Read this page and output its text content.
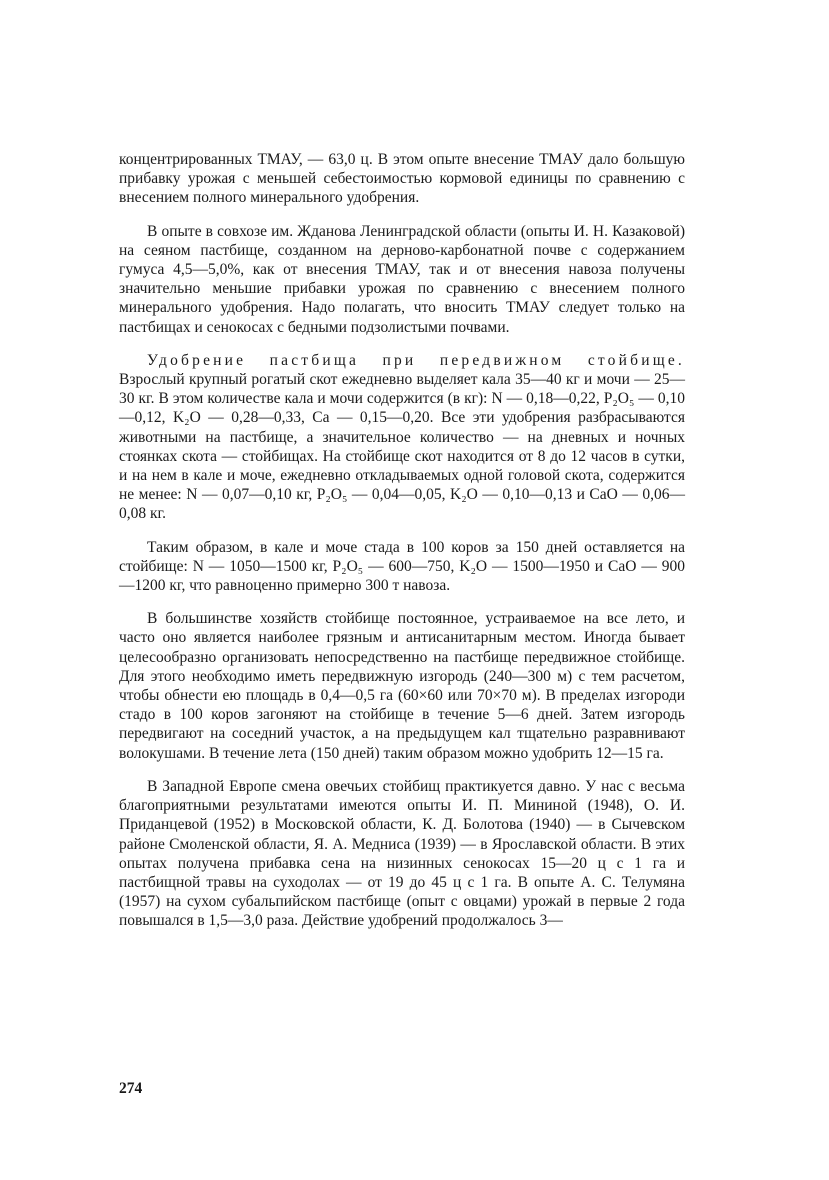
концентрированных ТМАУ, — 63,0 ц. В этом опыте внесение ТМАУ дало большую прибавку урожая с меньшей себестоимостью кормовой единицы по сравнению с внесением полного минерального удобрения.

В опыте в совхозе им. Жданова Ленинградской области (опыты И. Н. Казаковой) на сеяном пастбище, созданном на дерново-карбонатной почве с содержанием гумуса 4,5—5,0%, как от внесения ТМАУ, так и от внесения навоза получены значительно меньшие прибавки урожая по сравнению с внесением полного минерального удобрения. Надо полагать, что вносить ТМАУ следует только на пастбищах и сенокосах с бедными подзолистыми почвами.

Удобрение пастбища при передвижном стойбище. Взрослый крупный рогатый скот ежедневно выделяет кала 35—40 кг и мочи — 25—30 кг. В этом количестве кала и мочи содержится (в кг): N — 0,18—0,22, P₂O₅ — 0,10—0,12, K₂O — 0,28—0,33, Ca — 0,15—0,20. Все эти удобрения разбрасываются животными на пастбище, а значительное количество — на дневных и ночных стоянках скота — стойбищах. На стойбище скот находится от 8 до 12 часов в сутки, и на нем в кале и моче, ежедневно откладываемых одной головой скота, содержится не менее: N — 0,07—0,10 кг, P₂O₅ — 0,04—0,05, K₂O — 0,10—0,13 и CaO — 0,06—0,08 кг.

Таким образом, в кале и моче стада в 100 коров за 150 дней оставляется на стойбище: N — 1050—1500 кг, P₂O₅ — 600—750, K₂O — 1500—1950 и CaO — 900—1200 кг, что равноценно примерно 300 т навоза.

В большинстве хозяйств стойбище постоянное, устраиваемое на все лето, и часто оно является наиболее грязным и антисанитарным местом. Иногда бывает целесообразно организовать непосредственно на пастбище передвижное стойбище. Для этого необходимо иметь передвижную изгородь (240—300 м) с тем расчетом, чтобы обнести ею площадь в 0,4—0,5 га (60×60 или 70×70 м). В пределах изгороди стадо в 100 коров загоняют на стойбище в течение 5—6 дней. Затем изгородь передвигают на соседний участок, а на предыдущем кал тщательно разравнивают волокушами. В течение лета (150 дней) таким образом можно удобрить 12—15 га.

В Западной Европе смена овечьих стойбищ практикуется давно. У нас с весьма благоприятными результатами имеются опыты И. П. Мининой (1948), О. И. Приданцевой (1952) в Московской области, К. Д. Болотова (1940) — в Сычевском районе Смоленской области, Я. А. Медниса (1939) — в Ярославской области. В этих опытах получена прибавка сена на низинных сенокосах 15—20 ц с 1 га и пастбищной травы на суходолах — от 19 до 45 ц с 1 га. В опыте А. С. Телумяна (1957) на сухом субальпийском пастбище (опыт с овцами) урожай в первые 2 года повышался в 1,5—3,0 раза. Действие удобрений продолжалось 3—

274
